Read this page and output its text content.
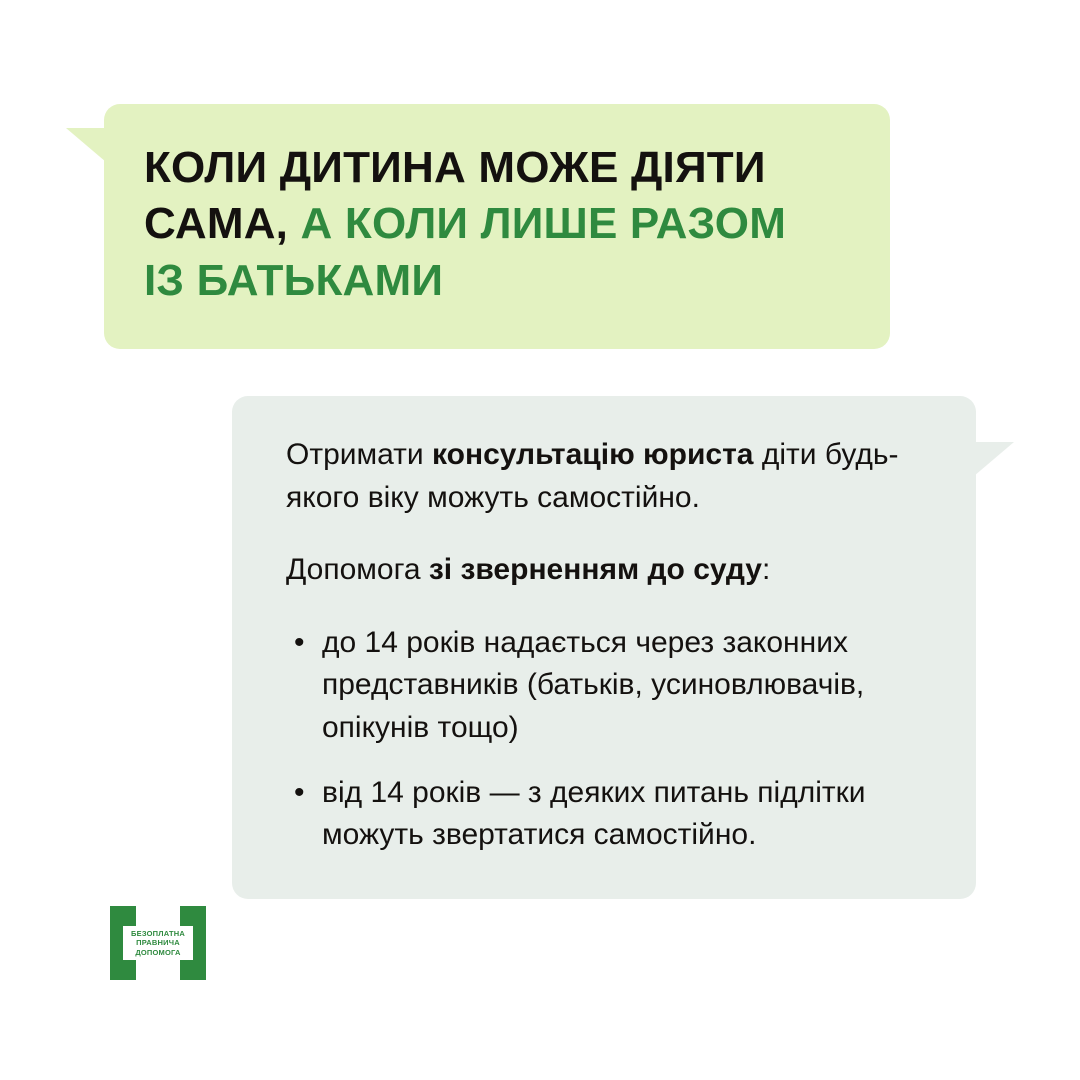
КОЛИ ДИТИНА МОЖЕ ДІЯТИ
САМА, А КОЛИ ЛИШЕ РАЗОМ
ІЗ БАТЬКАМИ

Отримати консультацію юриста діти будь-якого віку можуть самостійно.

Допомога зі зверненням до суду:

• до 14 років надається через законних представників (батьків, усиновлювачів, опікунів тощо)
• від 14 років — з деяких питань підлітки можуть звертатися самостійно.
БЕЗОПЛАТНА
ПРАВНИЧА
ДОПОМОГА
